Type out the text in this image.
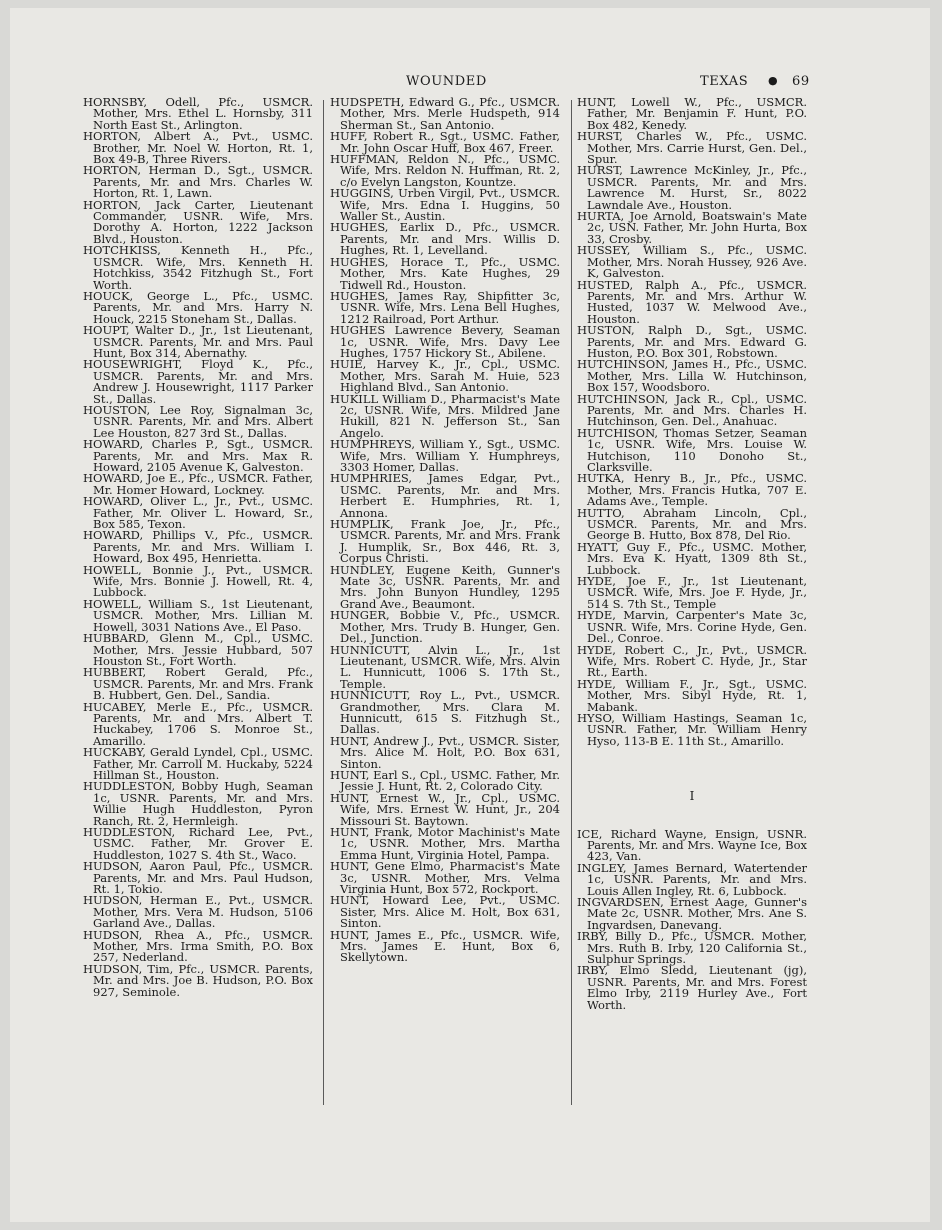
WOUNDED	TEXAS ● 69

HORNSBY, Odell, Pfc., USMCR. Mother, Mrs. Ethel L. Hornsby, 311 North East St., Arlington.

HORTON, Albert A., Pvt., USMC. Brother, Mr. Noel W. Horton, Rt. 1, Box 49-B, Three Rivers.

HORTON, Herman D., Sgt., USMCR. Parents, Mr. and Mrs. Charles W. Horton, Rt. 1, Lawn.

HORTON, Jack Carter, Lieutenant Commander, USNR. Wife, Mrs. Dorothy A. Horton, 1222 Jackson Blvd., Houston.

HOTCHKISS, Kenneth H., Pfc., USMCR. Wife, Mrs. Kenneth H. Hotchkiss, 3542 Fitzhugh St., Fort Worth.

HOUCK, George L., Pfc., USMC. Parents, Mr. and Mrs. Harry N. Houck, 2215 Stoneham St., Dallas.

HOUPT, Walter D., Jr., 1st Lieutenant, USMCR. Parents, Mr. and Mrs. Paul Hunt, Box 314, Abernathy.

HOUSEWRIGHT, Floyd K., Pfc., USMCR. Parents, Mr. and Mrs. Andrew J. Housewright, 1117 Parker St., Dallas.

HOUSTON, Lee Roy, Signalman 3c, USNR. Parents, Mr. and Mrs. Albert Lee Houston, 827 3rd St., Dallas.

HOWARD, Charles P., Sgt., USMCR. Parents, Mr. and Mrs. Max R. Howard, 2105 Avenue K, Galveston.

HOWARD, Joe E., Pfc., USMCR. Father, Mr. Homer Howard, Lockney.

HOWARD, Oliver L., Jr., Pvt., USMC. Father, Mr. Oliver L. Howard, Sr., Box 585, Texon.

HOWARD, Phillips V., Pfc., USMCR. Parents, Mr. and Mrs. William I. Howard, Box 495, Henrietta.

HOWELL, Bonnie J., Pvt., USMCR. Wife, Mrs. Bonnie J. Howell, Rt. 4, Lubbock.

HOWELL, William S., 1st Lieutenant, USMCR. Mother, Mrs. Lillian M. Howell, 3031 Nations Ave., El Paso.

HUBBARD, Glenn M., Cpl., USMC. Mother, Mrs. Jessie Hubbard, 507 Houston St., Fort Worth.

HUBBERT, Robert Gerald, Pfc., USMCR. Parents, Mr. and Mrs. Frank B. Hubbert, Gen. Del., Sandia.

HUCABEY, Merle E., Pfc., USMCR. Parents, Mr. and Mrs. Albert T. Huckabey, 1706 S. Monroe St., Amarillo.

HUCKABY, Gerald Lyndel, Cpl., USMC. Father, Mr. Carroll M. Huckaby, 5224 Hillman St., Houston.

HUDDLESTON, Bobby Hugh, Seaman 1c, USNR. Parents, Mr. and Mrs. Willie Hugh Huddleston, Pyron Ranch, Rt. 2, Hermleigh.

HUDDLESTON, Richard Lee, Pvt., USMC. Father, Mr. Grover E. Huddleston, 1027 S. 4th St., Waco.

HUDSON, Aaron Paul, Pfc., USMCR. Parents, Mr. and Mrs. Paul Hudson, Rt. 1, Tokio.

HUDSON, Herman E., Pvt., USMCR. Mother, Mrs. Vera M. Hudson, 5106 Garland Ave., Dallas.

HUDSON, Rhea A., Pfc., USMCR. Mother, Mrs. Irma Smith, P.O. Box 257, Nederland.

HUDSON, Tim, Pfc., USMCR. Parents, Mr. and Mrs. Joe B. Hudson, P.O. Box 927, Seminole.

HUDSPETH, Edward G., Pfc., USMCR. Mother, Mrs. Merle Hudspeth, 914 Sherman St., San Antonio.

HUFF, Robert R., Sgt., USMC. Father, Mr. John Oscar Huff, Box 467, Freer.

HUFFMAN, Reldon N., Pfc., USMC. Wife, Mrs. Reldon N. Huffman, Rt. 2, c/o Evelyn Langston, Kountze.

HUGGINS, Urben Virgil, Pvt., USMCR. Wife, Mrs. Edna I. Huggins, 50 Waller St., Austin.

HUGHES, Earlix D., Pfc., USMCR. Parents, Mr. and Mrs. Willis D. Hughes, Rt. 1, Levelland.

HUGHES, Horace T., Pfc., USMC. Mother, Mrs. Kate Hughes, 29 Tidwell Rd., Houston.

HUGHES, James Ray, Shipfitter 3c, USNR. Wife, Mrs. Lena Bell Hughes, 1212 Railroad, Port Arthur.

HUGHES Lawrence Bevery, Seaman 1c, USNR. Wife, Mrs. Davy Lee Hughes, 1757 Hickory St., Abilene.

HUIE, Harvey K., Jr., Cpl., USMC. Mother, Mrs. Sarah M. Huie, 523 Highland Blvd., San Antonio.

HUKILL William D., Pharmacist's Mate 2c, USNR. Wife, Mrs. Mildred Jane Hukill, 821 N. Jefferson St., San Angelo.

HUMPHREYS, William Y., Sgt., USMC. Wife, Mrs. William Y. Humphreys, 3303 Homer, Dallas.

HUMPHRIES, James Edgar, Pvt., USMC. Parents, Mr. and Mrs. Herbert E. Humphries, Rt. 1, Annona.

HUMPLIK, Frank Joe, Jr., Pfc., USMCR. Parents, Mr. and Mrs. Frank J. Humplik, Sr., Box 446, Rt. 3, Corpus Christi.

HUNDLEY, Eugene Keith, Gunner's Mate 3c, USNR. Parents, Mr. and Mrs. John Bunyon Hundley, 1295 Grand Ave., Beaumont.

HUNGER, Bobbie V., Pfc., USMCR. Mother, Mrs. Trudy B. Hunger, Gen. Del., Junction.

HUNNICUTT, Alvin L., Jr., 1st Lieutenant, USMCR. Wife, Mrs. Alvin L. Hunnicutt, 1006 S. 17th St., Temple.

HUNNICUTT, Roy L., Pvt., USMCR. Grandmother, Mrs. Clara M. Hunnicutt, 615 S. Fitzhugh St., Dallas.

HUNT, Andrew J., Pvt., USMCR. Sister, Mrs. Alice M. Holt, P.O. Box 631, Sinton.

HUNT, Earl S., Cpl., USMC. Father, Mr. Jessie J. Hunt, Rt. 2, Colorado City.

HUNT, Ernest W., Jr., Cpl., USMC. Wife, Mrs. Ernest W. Hunt, Jr., 204 Missouri St. Baytown.

HUNT, Frank, Motor Machinist's Mate 1c, USNR. Mother, Mrs. Martha Emma Hunt, Virginia Hotel, Pampa.

HUNT, Gene Elmo, Pharmacist's Mate 3c, USNR. Mother, Mrs. Velma Virginia Hunt, Box 572, Rockport.

HUNT, Howard Lee, Pvt., USMC. Sister, Mrs. Alice M. Holt, Box 631, Sinton.

HUNT, James E., Pfc., USMCR. Wife, Mrs. James E. Hunt, Box 6, Skellytown.

HUNT, Lowell W., Pfc., USMCR. Father, Mr. Benjamin F. Hunt, P.O. Box 482, Kenedy.

HURST, Charles W., Pfc., USMC. Mother, Mrs. Carrie Hurst, Gen. Del., Spur.

HURST, Lawrence McKinley, Jr., Pfc., USMCR. Parents, Mr. and Mrs. Lawrence M. Hurst, Sr., 8022 Lawndale Ave., Houston.

HURTA, Joe Arnold, Boatswain's Mate 2c, USN. Father, Mr. John Hurta, Box 33, Crosby.

HUSSEY, William S., Pfc., USMC. Mother, Mrs. Norah Hussey, 926 Ave. K, Galveston.

HUSTED, Ralph A., Pfc., USMCR. Parents, Mr. and Mrs. Arthur W. Husted, 1037 W. Melwood Ave., Houston.

HUSTON, Ralph D., Sgt., USMC. Parents, Mr. and Mrs. Edward G. Huston, P.O. Box 301, Robstown.

HUTCHINSON, James H., Pfc., USMC. Mother, Mrs. Lilla W. Hutchinson, Box 157, Woodsboro.

HUTCHINSON, Jack R., Cpl., USMC. Parents, Mr. and Mrs. Charles H. Hutchinson, Gen. Del., Anahuac.

HUTCHISON, Thomas Setzer, Seaman 1c, USNR. Wife, Mrs. Louise W. Hutchison, 110 Donoho St., Clarksville.

HUTKA, Henry B., Jr., Pfc., USMC. Mother, Mrs. Francis Hutka, 707 E. Adams Ave., Temple.

HUTTO, Abraham Lincoln, Cpl., USMCR. Parents, Mr. and Mrs. George B. Hutto, Box 878, Del Rio.

HYATT, Guy F., Pfc., USMC. Mother, Mrs. Eva K. Hyatt, 1309 8th St., Lubbock.

HYDE, Joe F., Jr., 1st Lieutenant, USMCR. Wife, Mrs. Joe F. Hyde, Jr., 514 S. 7th St., Temple

HYDE, Marvin, Carpenter's Mate 3c, USNR. Wife, Mrs. Corine Hyde, Gen. Del., Conroe.

HYDE, Robert C., Jr., Pvt., USMCR. Wife, Mrs. Robert C. Hyde, Jr., Star Rt., Earth.

HYDE, William F., Jr., Sgt., USMC. Mother, Mrs. Sibyl Hyde, Rt. 1, Mabank.

HYSO, William Hastings, Seaman 1c, USNR. Father, Mr. William Henry Hyso, 113-B E. 11th St., Amarillo.

I

ICE, Richard Wayne, Ensign, USNR. Parents, Mr. and Mrs. Wayne Ice, Box 423, Van.

INGLEY, James Bernard, Watertender 1c, USNR. Parents, Mr. and Mrs. Louis Allen Ingley, Rt. 6, Lubbock.

INGVARDSEN, Ernest Aage, Gunner's Mate 2c, USNR. Mother, Mrs. Ane S. Ingvardsen, Danevang.

IRBY, Billy D., Pfc., USMCR. Mother, Mrs. Ruth B. Irby, 120 California St., Sulphur Springs.

IRBY, Elmo Sledd, Lieutenant (jg), USNR. Parents, Mr. and Mrs. Forest Elmo Irby, 2119 Hurley Ave., Fort Worth.
